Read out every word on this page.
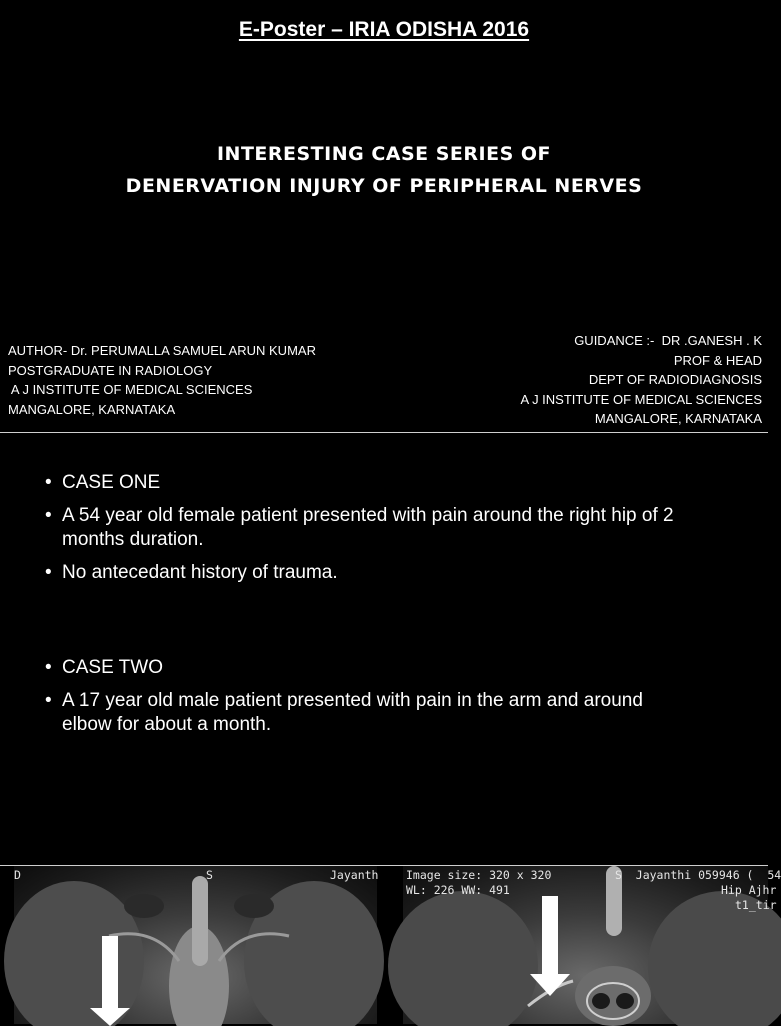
E-Poster – IRIA ODISHA 2016
INTERESTING CASE SERIES OF
DENERVATION INJURY OF PERIPHERAL NERVES
AUTHOR- Dr. PERUMALLA SAMUEL ARUN KUMAR
POSTGRADUATE IN RADIOLOGY
A J INSTITUTE OF MEDICAL SCIENCES
MANGALORE, KARNATAKA
GUIDANCE :-  DR .GANESH . K
PROF & HEAD
DEPT OF RADIODIAGNOSIS
A J INSTITUTE OF MEDICAL SCIENCES
MANGALORE, KARNATAKA
• CASE ONE
• A 54 year old female patient presented with pain around the right hip of 2 months duration.
• No antecedant history of trauma.
• CASE TWO
• A 17 year old male patient presented with pain in the arm and around elbow for about a month.
D	S	Jayanth Image size: 320 x 320
WL: 226 WW: 491
S  Jayanthi 059946 (  54
Hip Ajhr
t1_tir
